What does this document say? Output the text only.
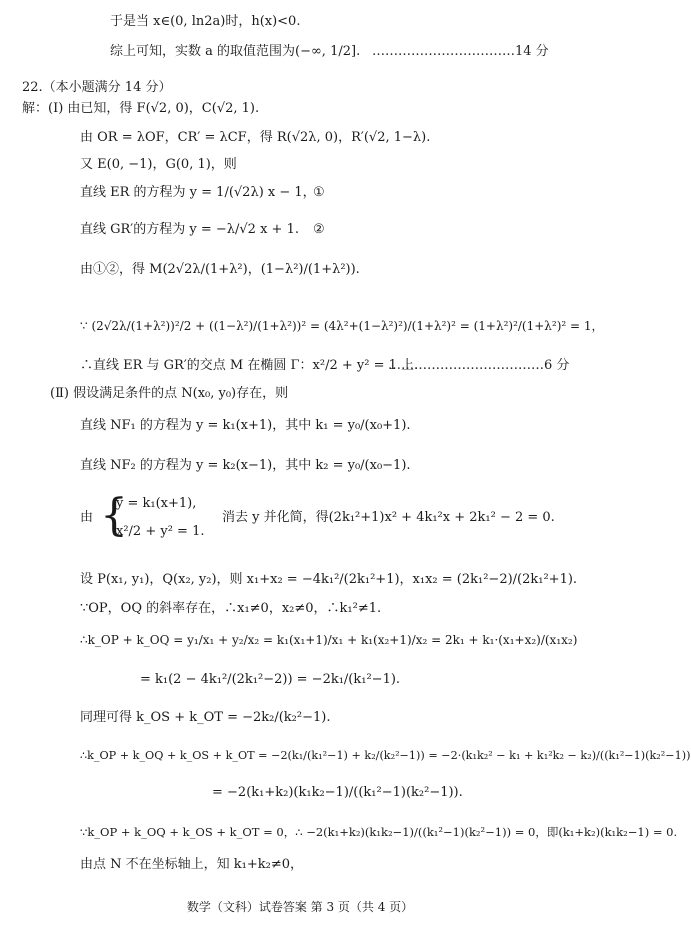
于是当 x∈(0, ln2a)时，h(x)<0.
综上可知，实数 a 的取值范围为(−∞, 1/2]. ……………………………14 分
22.（本小题满分 14 分）
解：(Ⅰ) 由已知，得 F(√2, 0)，C(√2, 1).
由 OR = λOF，CR′ = λCF，得 R(√2λ, 0)，R′(√2, 1−λ).
又 E(0, −1)，G(0, 1)，则
直线 ER 的方程为 y = 1/(√2λ) x − 1，
①
直线 GR′的方程为 y = −λ/√2 x + 1. ②
由①②，得 M(2√2λ/(1+λ²)，(1−λ²)/(1+λ²)).
∵ (2√2λ/(1+λ²))²/2 + ((1−λ²)/(1+λ²))² = (4λ²+(1−λ²)²)/(1+λ²)² = (1+λ²)²/(1+λ²)² = 1，
∴直线 ER 与 GR′的交点 M 在椭圆 Γ：x²/2 + y² = 1 上.
………………………………6 分
(Ⅱ) 假设满足条件的点 N(x₀, y₀)存在，则
直线 NF₁ 的方程为 y = k₁(x+1)，其中 k₁ = y₀/(x₀+1).
直线 NF₂ 的方程为 y = k₂(x−1)，其中 k₂ = y₀/(x₀−1).
由 {
y = k₁(x+1),
x²/2 + y² = 1.
消去 y 并化简，得(2k₁²+1)x² + 4k₁²x + 2k₁² − 2 = 0.
设 P(x₁, y₁)，Q(x₂, y₂)，则 x₁+x₂ = −4k₁²/(2k₁²+1)，x₁x₂ = (2k₁²−2)/(2k₁²+1).
∵OP，OQ 的斜率存在，∴x₁≠0，x₂≠0，∴k₁²≠1.
∴k_OP + k_OQ = y₁/x₁ + y₂/x₂ = k₁(x₁+1)/x₁ + k₁(x₂+1)/x₂ = 2k₁ + k₁·(x₁+x₂)/(x₁x₂)
= k₁(2 − 4k₁²/(2k₁²−2)) = −2k₁/(k₁²−1).
同理可得 k_OS + k_OT = −2k₂/(k₂²−1).
∴k_OP + k_OQ + k_OS + k_OT = −2(k₁/(k₁²−1) + k₂/(k₂²−1)) = −2·(k₁k₂² − k₁ + k₁²k₂ − k₂)/((k₁²−1)(k₂²−1))
= −2(k₁+k₂)(k₁k₂−1)/((k₁²−1)(k₂²−1)).
∵k_OP + k_OQ + k_OS + k_OT = 0，∴ −2(k₁+k₂)(k₁k₂−1)/((k₁²−1)(k₂²−1)) = 0，即(k₁+k₂)(k₁k₂−1) = 0.
由点 N 不在坐标轴上，知 k₁+k₂≠0，
数学（文科）试卷答案 第 3 页（共 4 页）
